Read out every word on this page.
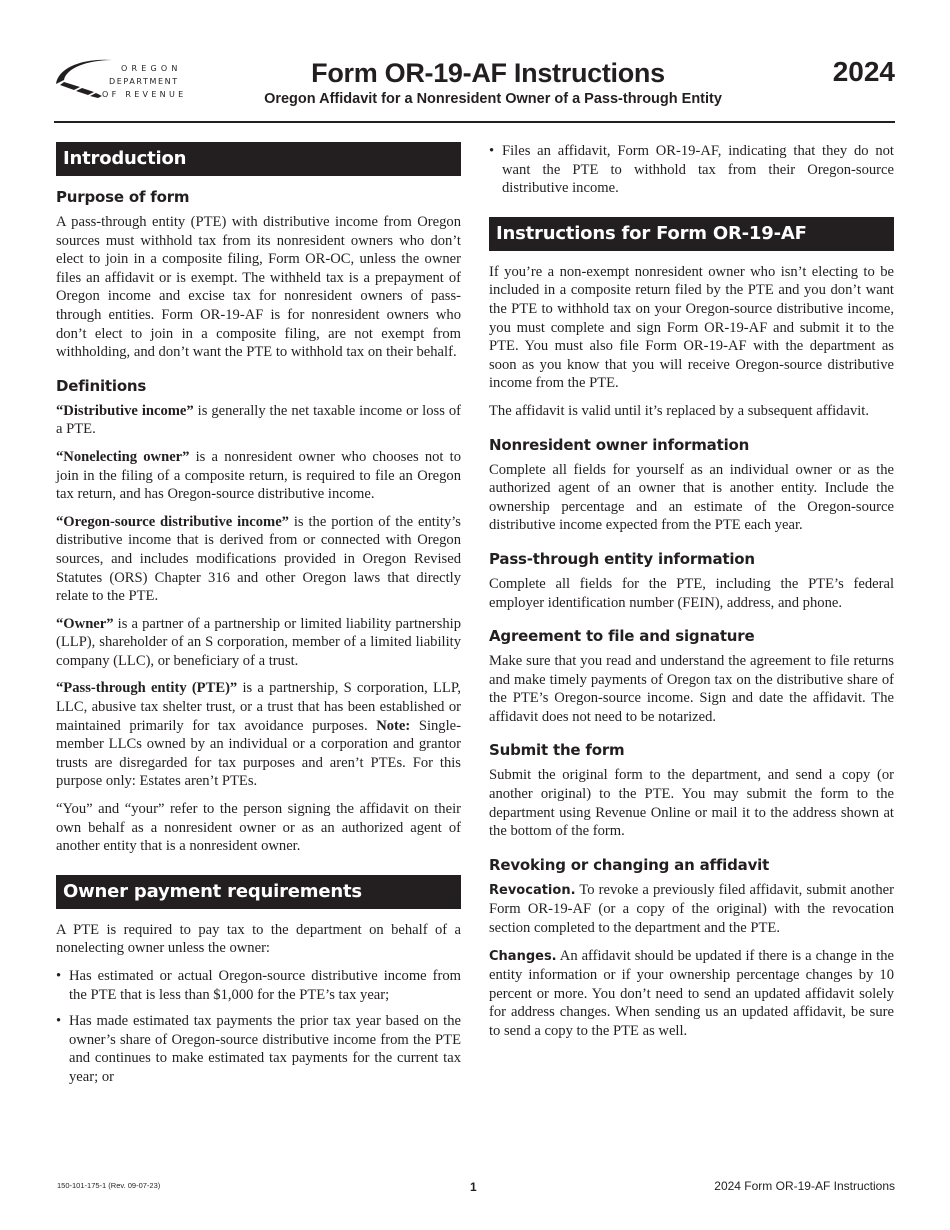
OREGON
DEPARTMENT
OF REVENUE
Form OR-19-AF Instructions
Oregon Affidavit for a Nonresident Owner of a Pass-through Entity
2024
Introduction
Purpose of form

A pass-through entity (PTE) with distributive income from Oregon sources must withhold tax from its nonresident owners who don’t elect to join in a composite filing, Form OR-OC, unless the owner files an affidavit or is exempt. The withheld tax is a prepayment of Oregon income and excise tax for nonresident owners of pass-through entities. Form OR-19-AF is for nonresident owners who don’t elect to join in a composite filing, are not exempt from withholding, and don’t want the PTE to withhold tax on their behalf.

Definitions

“Distributive income” is generally the net taxable income or loss of a PTE.

“Nonelecting owner” is a nonresident owner who chooses not to join in the filing of a composite return, is required to file an Oregon tax return, and has Oregon-source distributive income.

“Oregon-source distributive income” is the portion of the entity’s distributive income that is derived from or connected with Oregon sources, and includes modifications provided in Oregon Revised Statutes (ORS) Chapter 316 and other Oregon laws that directly relate to the PTE.

“Owner” is a partner of a partnership or limited liability partnership (LLP), shareholder of an S corporation, member of a limited liability company (LLC), or beneficiary of a trust.

“Pass-through entity (PTE)” is a partnership, S corporation, LLP, LLC, abusive tax shelter trust, or a trust that has been established or maintained primarily for tax avoidance purposes. Note: Single-member LLCs owned by an individual or a corporation and grantor trusts are disregarded for tax purposes and aren’t PTEs. For this purpose only: Estates aren’t PTEs.

“You” and “your” refer to the person signing the affidavit on their own behalf as a nonresident owner or as an authorized agent of another entity that is a nonresident owner.

Owner payment requirements

A PTE is required to pay tax to the department on behalf of a nonelecting owner unless the owner:

• Has estimated or actual Oregon-source distributive income from the PTE that is less than $1,000 for the PTE’s tax year;
• Has made estimated tax payments the prior tax year based on the owner’s share of Oregon-source distributive income from the PTE and continues to make estimated tax payments for the current tax year; or
• Files an affidavit, Form OR-19-AF, indicating that they do not want the PTE to withhold tax from their Oregon-source distributive income.
Instructions for Form OR-19-AF

If you’re a non-exempt nonresident owner who isn’t electing to be included in a composite return filed by the PTE and you don’t want the PTE to withhold tax on your Oregon-source distributive income, you must complete and sign Form OR-19-AF and submit it to the PTE. You must also file Form OR-19-AF with the department as soon as you know that you will receive Oregon-source distributive income from the PTE.

The affidavit is valid until it’s replaced by a subsequent affidavit.

Nonresident owner information

Complete all fields for yourself as an individual owner or as the authorized agent of an owner that is another entity. Include the ownership percentage and an estimate of the Oregon-source distributive income expected from the PTE each year.

Pass-through entity information

Complete all fields for the PTE, including the PTE’s federal employer identification number (FEIN), address, and phone.

Agreement to file and signature

Make sure that you read and understand the agreement to file returns and make timely payments of Oregon tax on the distributive share of the PTE’s Oregon-source income. Sign and date the affidavit. The affidavit does not need to be notarized.

Submit the form

Submit the original form to the department, and send a copy (or another original) to the PTE. You may submit the form to the department using Revenue Online or mail it to the address shown at the bottom of the form.

Revoking or changing an affidavit

Revocation. To revoke a previously filed affidavit, submit another Form OR-19-AF (or a copy of the original) with the revocation section completed to the department and the PTE.

Changes. An affidavit should be updated if there is a change in the entity information or if your ownership percentage changes by 10 percent or more. You don’t need to send an updated affidavit solely for address changes. When sending us an updated affidavit, be sure to send a copy to the PTE as well.

150-101-175-1 (Rev. 09-07-23)	1	2024 Form OR-19-AF Instructions
